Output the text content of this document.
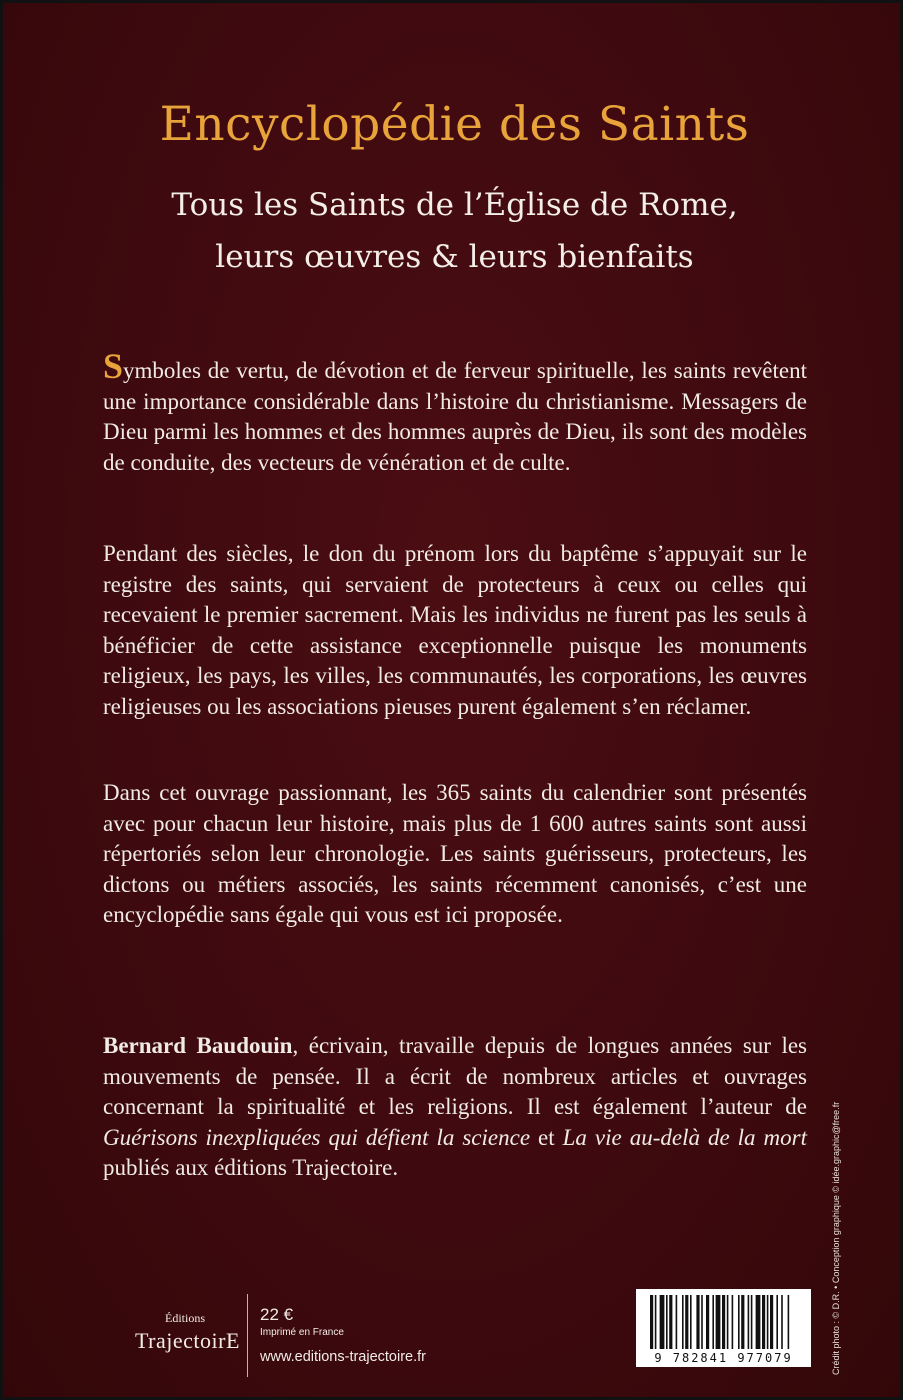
Encyclopédie des Saints
Tous les Saints de l’Église de Rome,
leurs œuvres & leurs bienfaits
Symboles de vertu, de dévotion et de ferveur spirituelle, les saints revêtent une importance considérable dans l’histoire du christianisme. Messagers de Dieu parmi les hommes et des hommes auprès de Dieu, ils sont des modèles de conduite, des vecteurs de vénération et de culte.
Pendant des siècles, le don du prénom lors du baptême s’appuyait sur le registre des saints, qui servaient de protecteurs à ceux ou celles qui recevaient le premier sacrement. Mais les individus ne furent pas les seuls à bénéficier de cette assistance exceptionnelle puisque les monuments religieux, les pays, les villes, les communautés, les corporations, les œuvres religieuses ou les associations pieuses purent également s’en réclamer.
Dans cet ouvrage passionnant, les 365 saints du calendrier sont présentés avec pour chacun leur histoire, mais plus de 1 600 autres saints sont aussi répertoriés selon leur chronologie. Les saints guérisseurs, protecteurs, les dictons ou métiers associés, les saints récemment canonisés, c’est une encyclopédie sans égale qui vous est ici proposée.
Bernard Baudouin, écrivain, travaille depuis de longues années sur les mouvements de pensée. Il a écrit de nombreux articles et ouvrages concernant la spiritualité et les religions. Il est également l’auteur de Guérisons inexpliquées qui défient la science et La vie au-delà de la mort publiés aux éditions Trajectoire.
Éditions
TrajectoirE
22 €
Imprimé en France
www.editions-trajectoire.fr	9 782841 977079	Crédit photo : © D.R. • Conception graphique © idée.graphic@free.fr
